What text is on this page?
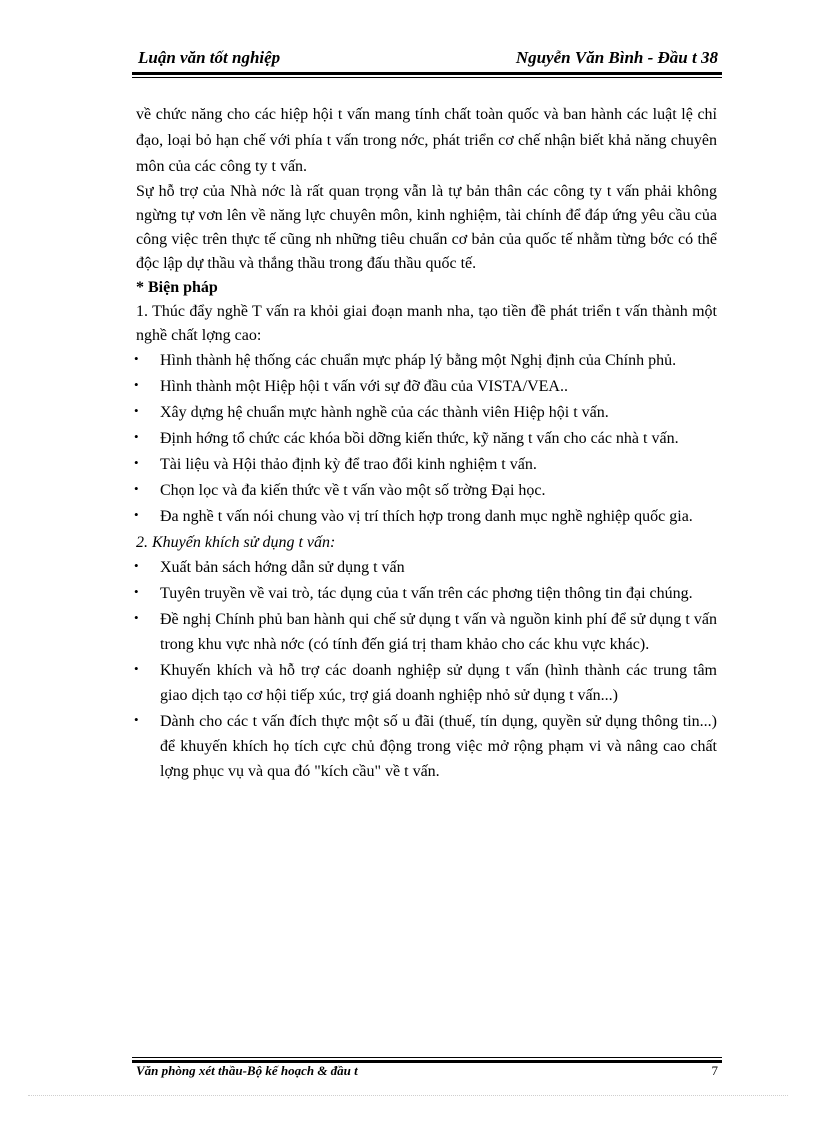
Luận văn tốt nghiệp	Nguyễn Văn Bình - Đầu t 38

về chức năng cho các hiệp hội t vấn mang tính chất toàn quốc và ban hành các luật lệ chỉ đạo, loại bỏ hạn chế với phía t vấn trong nớc, phát triển cơ chế nhận biết khả năng chuyên môn của các công ty t vấn.

Sự hỗ trợ của Nhà nớc là rất quan trọng vẫn là tự bản thân các công ty t vấn phải không ngừng tự vơn lên về năng lực chuyên môn, kinh nghiệm, tài chính để đáp ứng yêu cầu của công việc trên thực tế cũng nh những tiêu chuẩn cơ bản của quốc tế nhằm từng bớc có thể độc lập dự thầu và thắng thầu trong đấu thầu quốc tế.

* Biện pháp

1. Thúc đẩy nghề T vấn ra khỏi giai đoạn manh nha, tạo tiền đề phát triển t vấn thành một nghề chất lợng cao:

•	Hình thành hệ thống các chuẩn mực pháp lý bằng một Nghị định của Chính phủ.
•	Hình thành một Hiệp hội t vấn với sự đỡ đầu của VISTA/VEA..
•	Xây dựng hệ chuẩn mực hành nghề của các thành viên Hiệp hội t vấn.
•	Định hớng tổ chức các khóa bồi dỡng kiến thức, kỹ năng t vấn cho các nhà t vấn.
•	Tài liệu và Hội thảo định kỳ để trao đổi kinh nghiệm t vấn.
•	Chọn lọc và đa kiến thức về t vấn vào một số trờng Đại học.
•	Đa nghề t vấn nói chung vào vị trí thích hợp trong danh mục nghề nghiệp quốc gia.

2. Khuyến khích sử dụng t vấn:

•	Xuất bản sách hớng dẫn sử dụng t vấn
•	Tuyên truyền về vai trò, tác dụng của t vấn trên các phơng tiện thông tin đại chúng.
•	Đề nghị Chính phủ ban hành qui chế sử dụng t vấn và nguồn kinh phí để sử dụng t vấn trong khu vực nhà nớc (có tính đến giá trị tham khảo cho các khu vực khác).
•	Khuyến khích và hỗ trợ các doanh nghiệp sử dụng t vấn (hình thành các trung tâm giao dịch tạo cơ hội tiếp xúc, trợ giá doanh nghiệp nhỏ sử dụng t vấn...)
•	Dành cho các t vấn đích thực một số u đãi (thuế, tín dụng, quyền sử dụng thông tin...) để khuyến khích họ tích cực chủ động trong việc mở rộng phạm vi và nâng cao chất lợng phục vụ và qua đó "kích cầu" về t vấn.
Văn phòng xét thầu-Bộ kế hoạch & đầu t	7
